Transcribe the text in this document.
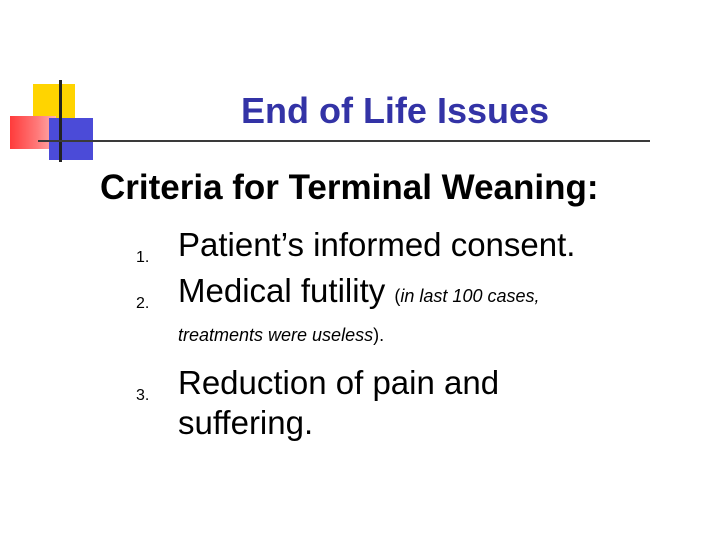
End of Life Issues
Criteria for Terminal Weaning:
1. Patient’s informed consent.
2. Medical futility (in last 100 cases,
treatments were useless).
3. Reduction of pain and
suffering.
